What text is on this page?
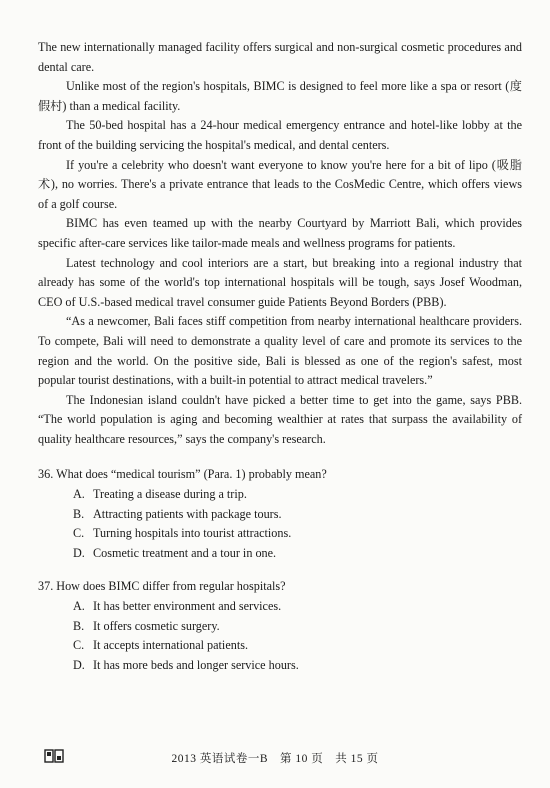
The new internationally managed facility offers surgical and non-surgical cosmetic procedures and dental care.

Unlike most of the region's hospitals, BIMC is designed to feel more like a spa or resort (度假村) than a medical facility.

The 50-bed hospital has a 24-hour medical emergency entrance and hotel-like lobby at the front of the building servicing the hospital's medical, and dental centers.

If you're a celebrity who doesn't want everyone to know you're here for a bit of lipo (吸脂术), no worries. There's a private entrance that leads to the CosMedic Centre, which offers views of a golf course.

BIMC has even teamed up with the nearby Courtyard by Marriott Bali, which provides specific after-care services like tailor-made meals and wellness programs for patients.

Latest technology and cool interiors are a start, but breaking into a regional industry that already has some of the world's top international hospitals will be tough, says Josef Woodman, CEO of U.S.-based medical travel consumer guide Patients Beyond Borders (PBB).

“As a newcomer, Bali faces stiff competition from nearby international healthcare providers. To compete, Bali will need to demonstrate a quality level of care and promote its services to the region and the world. On the positive side, Bali is blessed as one of the region's safest, most popular tourist destinations, with a built-in potential to attract medical travelers.”

The Indonesian island couldn't have picked a better time to get into the game, says PBB. “The world population is aging and becoming wealthier at rates that surpass the availability of quality healthcare resources,” says the company's research.

36. What does “medical tourism” (Para. 1) probably mean?

A. Treating a disease during a trip.

B. Attracting patients with package tours.

C. Turning hospitals into tourist attractions.

D. Cosmetic treatment and a tour in one.

37. How does BIMC differ from regular hospitals?

A. It has better environment and services.

B. It offers cosmetic surgery.

C. It accepts international patients.

D. It has more beds and longer service hours.

2013 英语试卷一B　第 10 页　共 15 页
